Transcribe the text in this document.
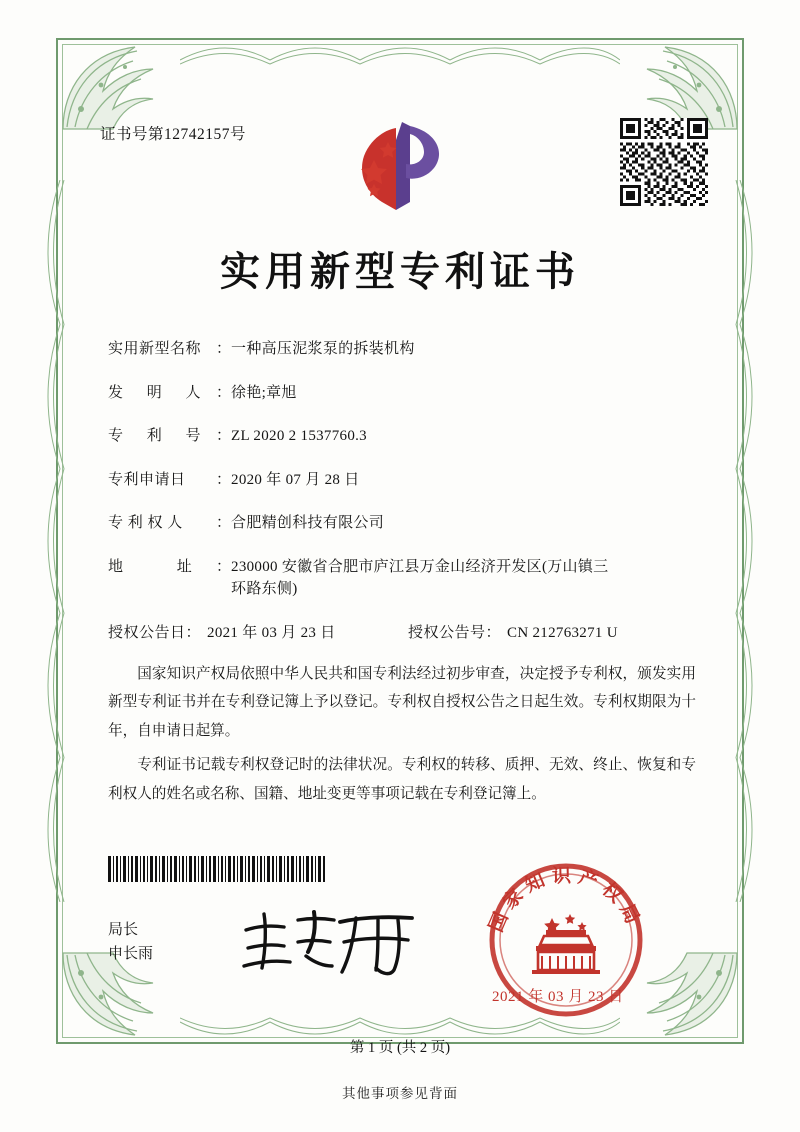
证书号第12742157号
实用新型专利证书
实用新型名称 ： 一种高压泥浆泵的拆装机构
发 明 人 ： 徐艳;章旭
专 利 号 ： ZL 2020 2 1537760.3
专利申请日	： 2020 年 07 月 28 日
专 利 权 人	： 合肥精创科技有限公司
地 址 ： 230000 安徽省合肥市庐江县万金山经济开发区(万山镇三
环路东侧)
授权公告日： 2021 年 03 月 23 日	授权公告号： CN 212763271 U

国家知识产权局依照中华人民共和国专利法经过初步审查，决定授予专利权，颁发实用新型专利证书并在专利登记簿上予以登记。专利权自授权公告之日起生效。专利权期限为十年，自申请日起算。

专利证书记载专利权登记时的法律状况。专利权的转移、质押、无效、终止、恢复和专利权人的姓名或名称、国籍、地址变更等事项记载在专利登记簿上。

局长
申长雨
国家知识产权局
2021 年 03 月 23 日
第 1 页 (共 2 页)
其他事项参见背面
